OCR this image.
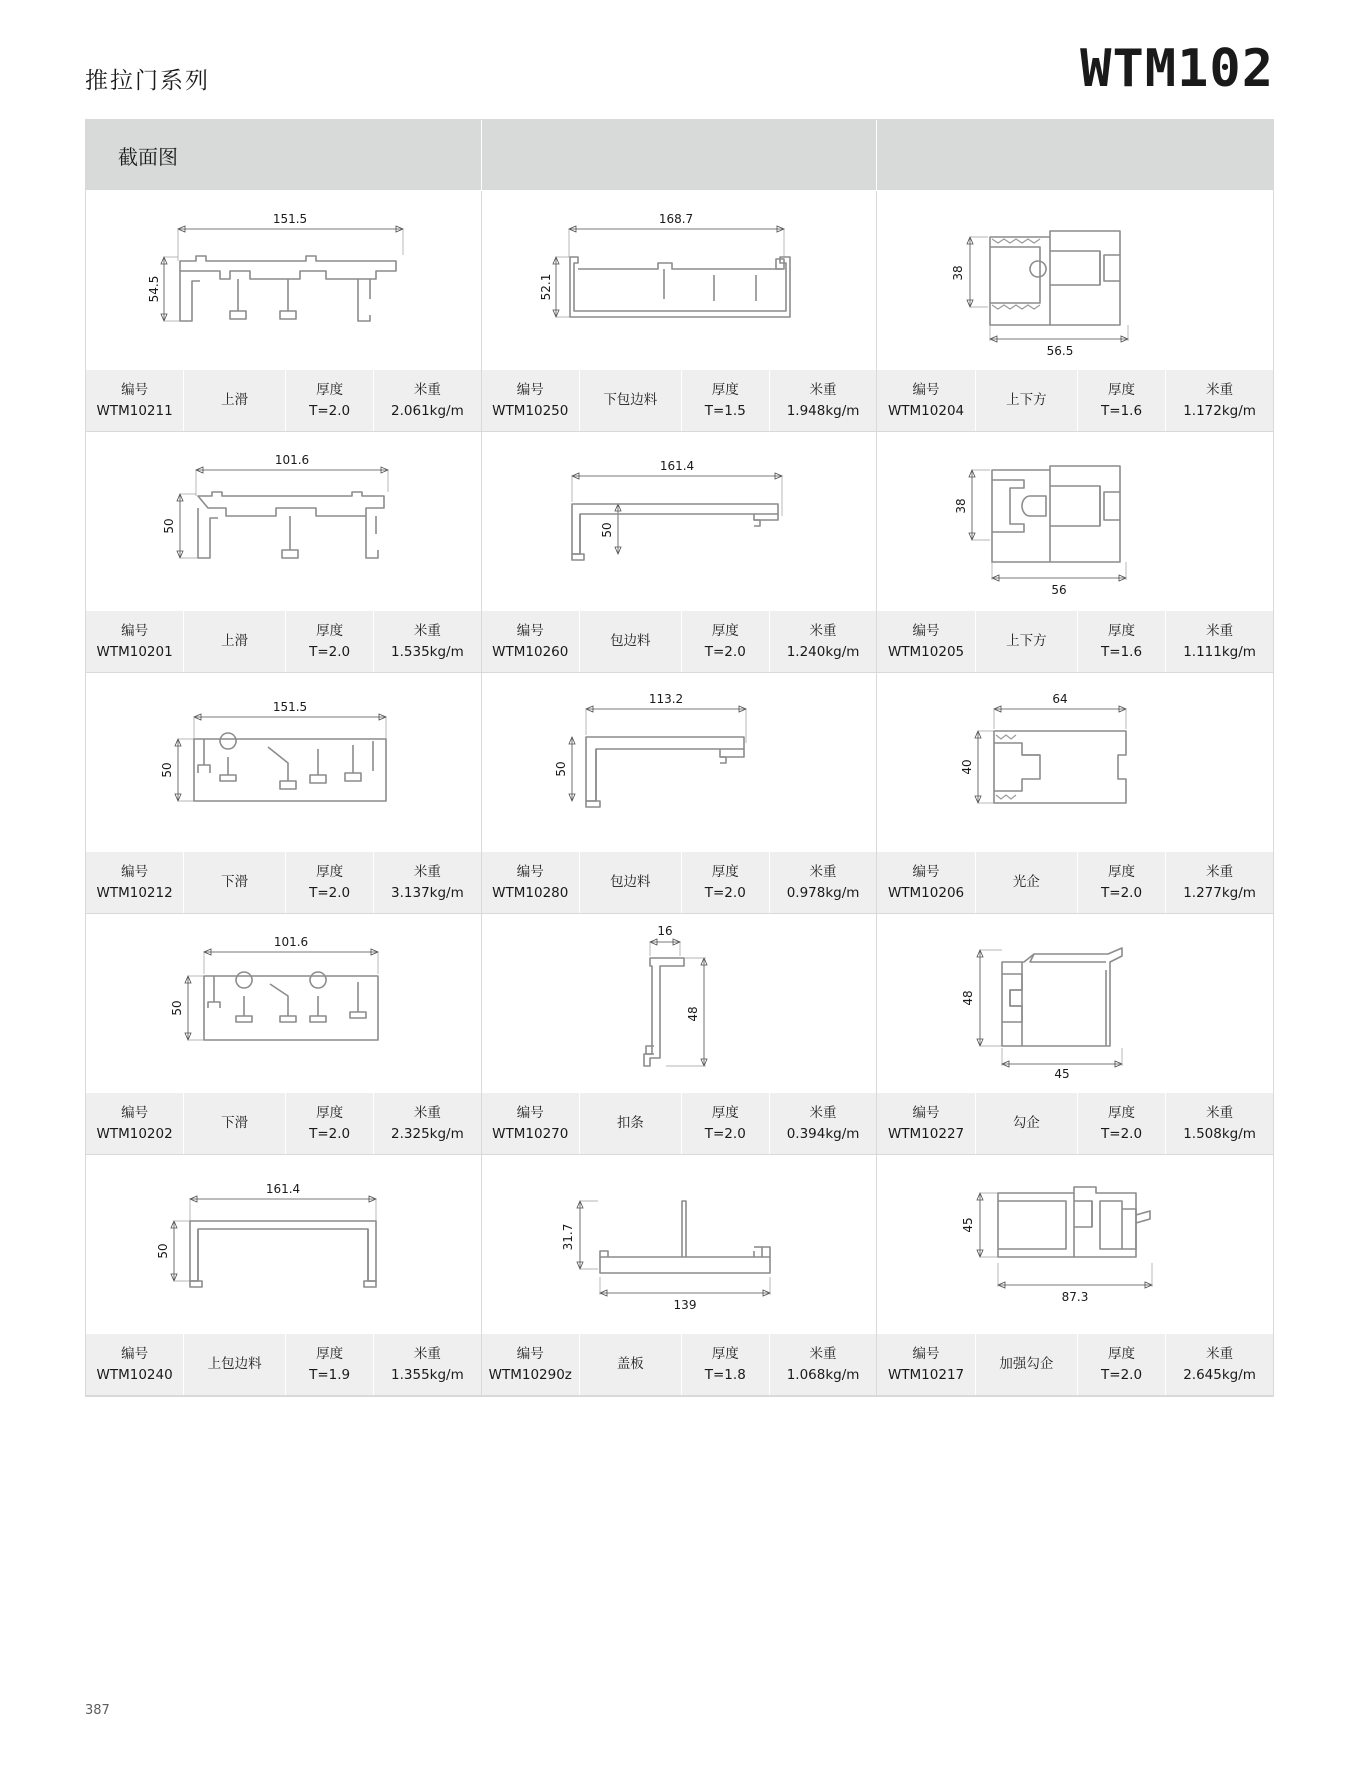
推拉门系列	WTM102
截面图
151.5
54.5
编号
WTM10211
上滑
厚度
T=2.0
米重
2.061kg/m
168.7
52.1
编号
WTM10250
下包边料
厚度
T=1.5
米重
1.948kg/m
38
56.5
编号
WTM10204
上下方
厚度
T=1.6
米重
1.172kg/m
101.6
50
编号
WTM10201
上滑
厚度
T=2.0
米重
1.535kg/m
161.4
50
编号
WTM10260
包边料
厚度
T=2.0
米重
1.240kg/m
38
56
编号
WTM10205
上下方
厚度
T=1.6
米重
1.111kg/m
151.5
50
编号
WTM10212
下滑
厚度
T=2.0
米重
3.137kg/m
113.2
50
编号
WTM10280
包边料
厚度
T=2.0
米重
0.978kg/m
64
40
编号
WTM10206
光企
厚度
T=2.0
米重
1.277kg/m
101.6
50
编号
WTM10202
下滑
厚度
T=2.0
米重
2.325kg/m
16
48
编号
WTM10270
扣条
厚度
T=2.0
米重
0.394kg/m
48
45
编号
WTM10227
勾企
厚度
T=2.0
米重
1.508kg/m
161.4
50
编号
WTM10240
上包边料
厚度
T=1.9
米重
1.355kg/m
31.7
139
编号
WTM10290z
盖板
厚度
T=1.8
米重
1.068kg/m
45
87.3
编号
WTM10217
加强勾企
厚度
T=2.0
米重
2.645kg/m
387
